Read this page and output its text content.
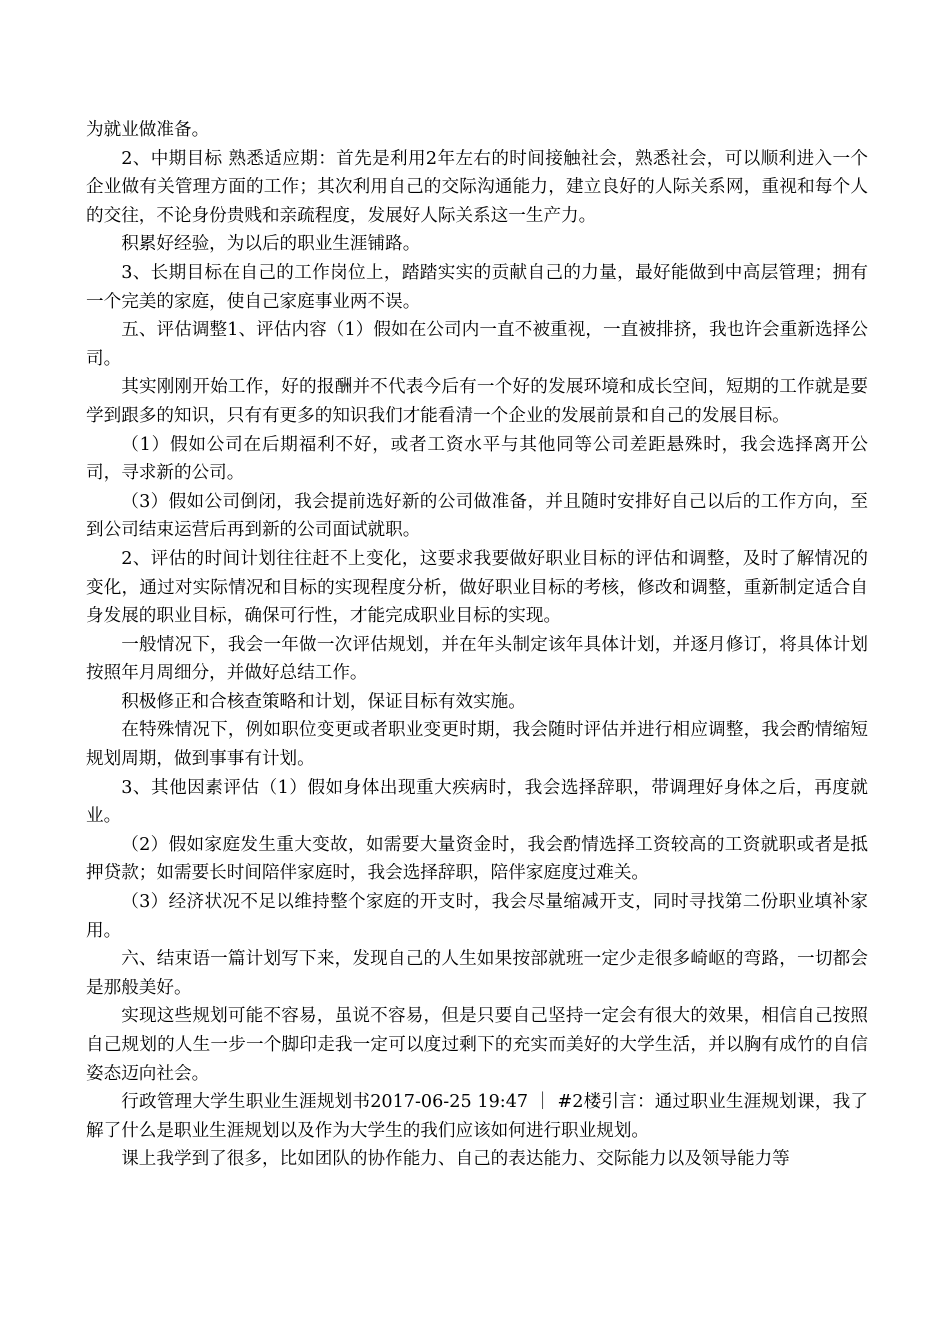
为就业做准备。

2、中期目标 熟悉适应期：首先是利用2年左右的时间接触社会，熟悉社会，可以顺利进入一个企业做有关管理方面的工作；其次利用自己的交际沟通能力，建立良好的人际关系网，重视和每个人的交往，不论身份贵贱和亲疏程度，发展好人际关系这一生产力。

积累好经验，为以后的职业生涯铺路。

3、长期目标在自己的工作岗位上，踏踏实实的贡献自己的力量，最好能做到中高层管理；拥有一个完美的家庭，使自己家庭事业两不误。

五、评估调整1、评估内容（1）假如在公司内一直不被重视，一直被排挤，我也许会重新选择公司。

其实刚刚开始工作，好的报酬并不代表今后有一个好的发展环境和成长空间，短期的工作就是要学到跟多的知识，只有有更多的知识我们才能看清一个企业的发展前景和自己的发展目标。

（1）假如公司在后期福利不好，或者工资水平与其他同等公司差距悬殊时，我会选择离开公司，寻求新的公司。

（3）假如公司倒闭，我会提前选好新的公司做准备，并且随时安排好自己以后的工作方向，至到公司结束运营后再到新的公司面试就职。

2、评估的时间计划往往赶不上变化，这要求我要做好职业目标的评估和调整，及时了解情况的变化，通过对实际情况和目标的实现程度分析，做好职业目标的考核，修改和调整，重新制定适合自身发展的职业目标，确保可行性，才能完成职业目标的实现。

一般情况下，我会一年做一次评估规划，并在年头制定该年具体计划，并逐月修订，将具体计划按照年月周细分，并做好总结工作。

积极修正和合核查策略和计划，保证目标有效实施。

在特殊情况下，例如职位变更或者职业变更时期，我会随时评估并进行相应调整，我会酌情缩短规划周期，做到事事有计划。

3、其他因素评估（1）假如身体出现重大疾病时，我会选择辞职，带调理好身体之后，再度就业。

（2）假如家庭发生重大变故，如需要大量资金时，我会酌情选择工资较高的工资就职或者是抵押贷款；如需要长时间陪伴家庭时，我会选择辞职，陪伴家庭度过难关。

（3）经济状况不足以维持整个家庭的开支时，我会尽量缩减开支，同时寻找第二份职业填补家用。

六、结束语一篇计划写下来，发现自己的人生如果按部就班一定少走很多崎岖的弯路，一切都会是那般美好。

实现这些规划可能不容易，虽说不容易，但是只要自己坚持一定会有很大的效果，相信自己按照自己规划的人生一步一个脚印走我一定可以度过剩下的充实而美好的大学生活，并以胸有成竹的自信姿态迈向社会。

行政管理大学生职业生涯规划书2017-06-25 19:47 ｜ #2楼引言：通过职业生涯规划课，我了解了什么是职业生涯规划以及作为大学生的我们应该如何进行职业规划。

课上我学到了很多，比如团队的协作能力、自己的表达能力、交际能力以及领导能力等
